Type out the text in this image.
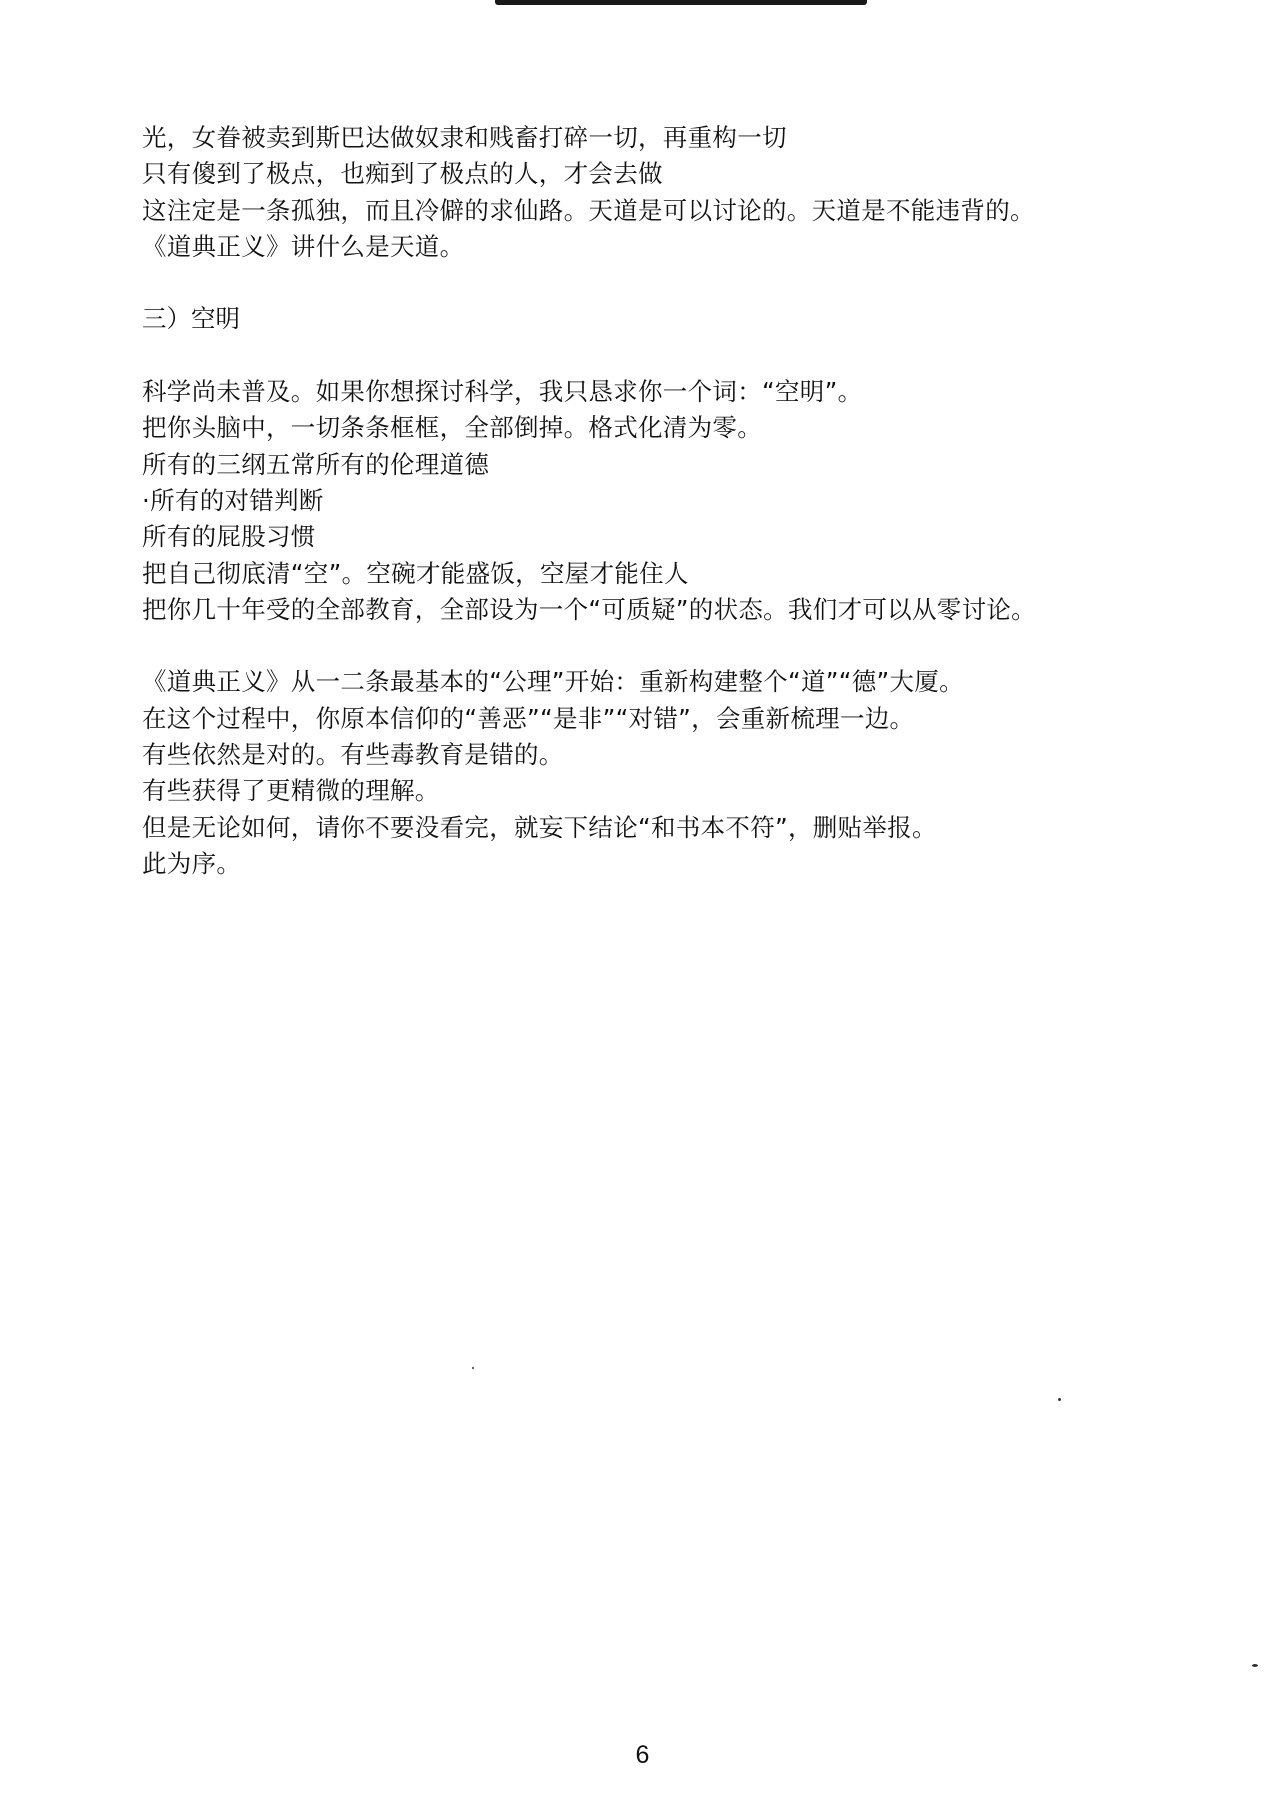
光，女眷被卖到斯巴达做奴隶和贱畜打碎一切，再重构一切
只有傻到了极点，也痴到了极点的人，才会去做
这注定是一条孤独，而且冷僻的求仙路。天道是可以讨论的。天道是不能违背的。
《道典正义》讲什么是天道。
三）空明
科学尚未普及。如果你想探讨科学，我只恳求你一个词：“空明”。
把你头脑中，一切条条框框，全部倒掉。格式化清为零。
所有的三纲五常所有的伦理道德
·所有的对错判断
所有的屁股习惯
把自己彻底清“空”。空碗才能盛饭，空屋才能住人
把你几十年受的全部教育，全部设为一个“可质疑”的状态。我们才可以从零讨论。
《道典正义》从一二条最基本的“公理”开始：重新构建整个“道”“德”大厦。
在这个过程中，你原本信仰的“善恶”“是非”“对错”，会重新梳理一边。
有些依然是对的。有些毒教育是错的。
有些获得了更精微的理解。
但是无论如何，请你不要没看完，就妄下结论“和书本不符”，删贴举报。
此为序。
6
